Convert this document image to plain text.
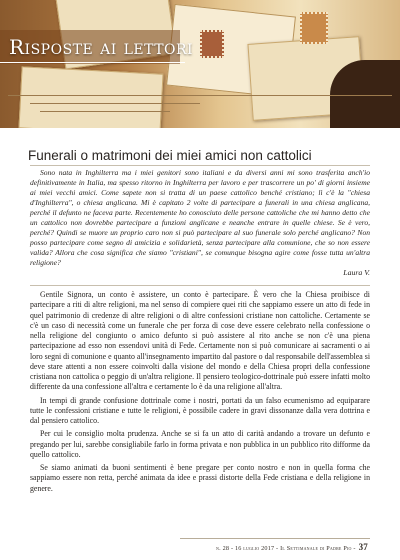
Risposte ai lettori
Funerali o matrimoni dei miei amici non cattolici

Sono nata in Inghilterra ma i miei genitori sono italiani e da diversi anni mi sono trasferita anch'io definitivamente in Italia, ma spesso ritorno in Inghilterra per lavoro e per trascorrere un po' di giorni insieme ai miei vecchi amici. Come sapete non si tratta di un paese cattolico benché cristiano; lì c'è la "chiesa d'Inghilterra", o chiesa anglicana. Mi è capitato 2 volte di partecipare a funerali in una chiesa anglicana, perché il defunto ne faceva parte. Recentemente ho conosciuto delle persone cattoliche che mi hanno detto che un cattolico non dovrebbe partecipare a funzioni anglicane e neanche entrare in quelle chiese. Se è vero, perché? Quindi se muore un proprio caro non si può partecipare al suo funerale solo perché anglicano? Non posso partecipare come segno di amicizia e solidarietà, senza partecipare alla comunione, che so non essere valida? Allora che cosa significa che siamo "cristiani", se comunque bisogna agire come fosse tutta un'altra religione?

Laura V.

Gentile Signora, un conto è assistere, un conto è partecipare. È vero che la Chiesa proibisce di partecipare a riti di altre religioni, ma nel senso di compiere quei riti che sappiamo essere un atto di fede in quel patrimonio di credenze di altre religioni o di altre confessioni cristiane non cattoliche. Certamente se c'è un caso di necessità come un funerale che per forza di cose deve essere celebrato nella confessione o nella religione del congiunto o amico defunto si può assistere al rito anche se non c'è una piena partecipazione ad esso non essendovi unità di Fede. Certamente non si può comunicare ai sacramenti o ai loro segni di comunione e quanto all'insegnamento impartito dal pastore o dal responsabile dell'assemblea si deve stare attenti a non essere coinvolti dalla visione del mondo e della Chiesa propri della confessione cristiana non cattolica o peggio di un'altra religione. Il pensiero teologico-dottrinale può essere infatti molto differente da una confessione all'altra e certamente lo è da una religione all'altra.

In tempi di grande confusione dottrinale come i nostri, portati da un falso ecumenismo ad equiparare tutte le confessioni cristiane e tutte le religioni, è possibile cadere in gravi dissonanze dalla vera dottrina e dal pensiero cattolico.

Per cui le consiglio molta prudenza. Anche se si fa un atto di carità andando a trovare un defunto e pregando per lui, sarebbe consigliabile farlo in forma privata e non pubblica in un pubblico rito difforme da quello cattolico.

Se siamo animati da buoni sentimenti è bene pregare per conto nostro e non in quella forma che sappiamo essere non retta, perché animata da idee e prassi distorte della Fede cristiana e della religione in genere.

n. 28 - 16 luglio 2017 - Il Settimanale di Padre Pio - 37
